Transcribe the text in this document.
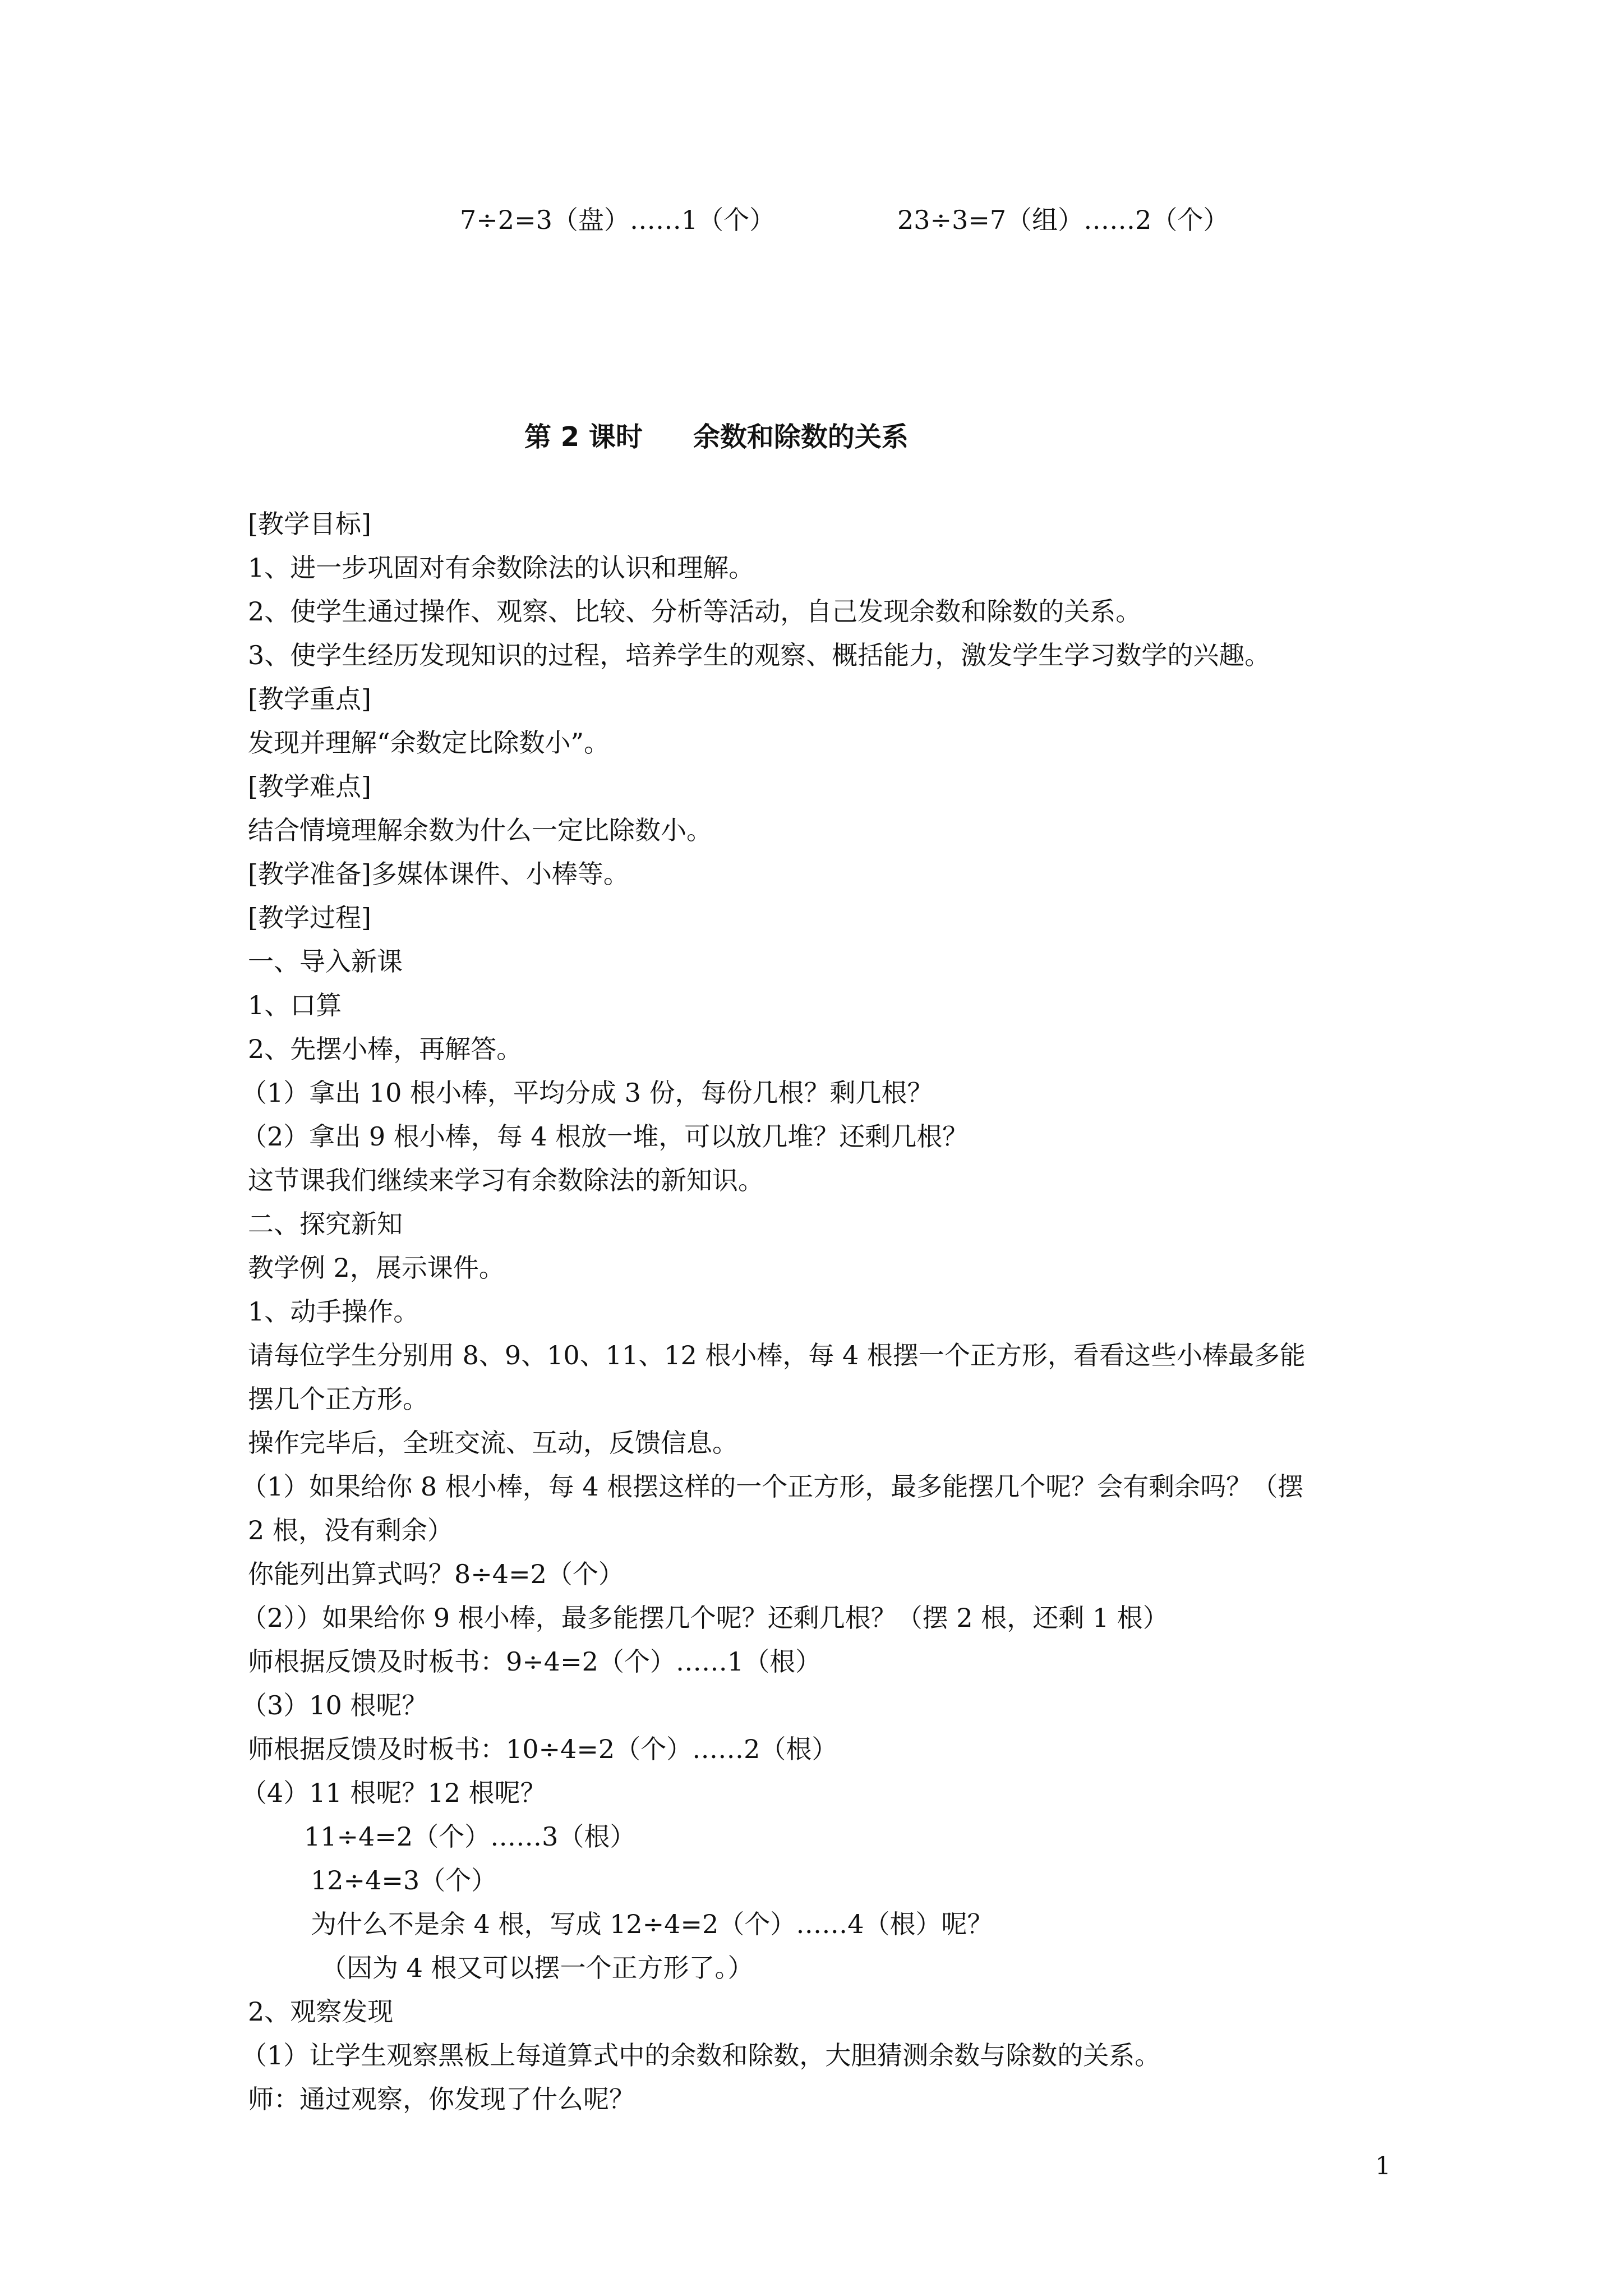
7÷2=3（盘）……1（个）	23÷3=7（组）……2（个）
第 2 课时 余数和除数的关系
[教学目标]
1、进一步巩固对有余数除法的认识和理解。
2、使学生通过操作、观察、比较、分析等活动，自己发现余数和除数的关系。
3、使学生经历发现知识的过程，培养学生的观察、概括能力，激发学生学习数学的兴趣。
[教学重点]
发现并理解“余数定比除数小”。
[教学难点]
结合情境理解余数为什么一定比除数小。
[教学准备]多媒体课件、小棒等。
[教学过程]
一、导入新课
1、口算
2、先摆小棒，再解答。
（1）拿出 10 根小棒，平均分成 3 份，每份几根？剩几根？
（2）拿出 9 根小棒，每 4 根放一堆，可以放几堆？还剩几根？
这节课我们继续来学习有余数除法的新知识。
二、探究新知
教学例 2，展示课件。
1、动手操作。
请每位学生分别用 8、9、10、11、12 根小棒，每 4 根摆一个正方形，看看这些小棒最多能
摆几个正方形。
操作完毕后，全班交流、互动，反馈信息。
（1）如果给你 8 根小棒，每 4 根摆这样的一个正方形，最多能摆几个呢？会有剩余吗？（摆
2 根，没有剩余）
你能列出算式吗？8÷4=2（个）
（2））如果给你 9 根小棒，最多能摆几个呢？还剩几根？（摆 2 根，还剩 1 根）
师根据反馈及时板书：9÷4=2（个）……1（根）
（3）10 根呢？
师根据反馈及时板书：10÷4=2（个）……2（根）
（4）11 根呢？12 根呢？
11÷4=2（个）……3（根）
12÷4=3（个）
为什么不是余 4 根，写成 12÷4=2（个）……4（根）呢？
（因为 4 根又可以摆一个正方形了。）
2、观察发现
（1）让学生观察黑板上每道算式中的余数和除数，大胆猜测余数与除数的关系。
师：通过观察，你发现了什么呢？
1
